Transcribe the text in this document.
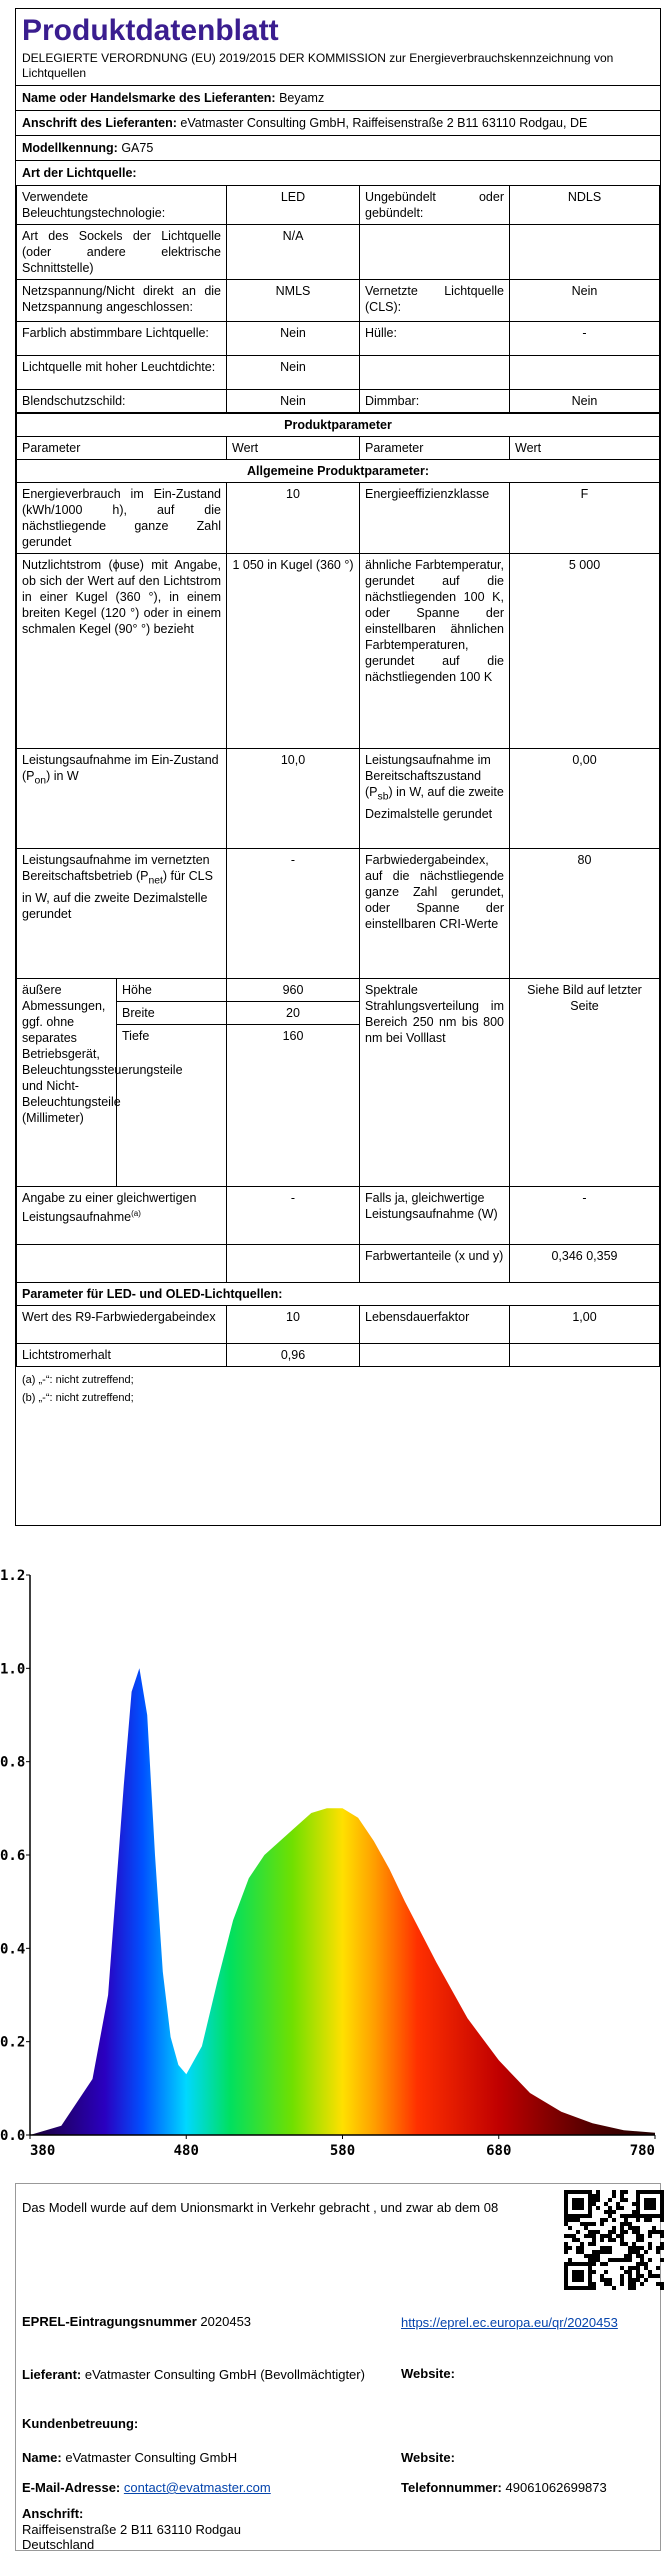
Produktdatenblatt
DELEGIERTE VERORDNUNG (EU) 2019/2015 DER KOMMISSION zur Energieverbrauchskennzeichnung von Lichtquellen
Name oder Handelsmarke des Lieferanten: Beyamz
Anschrift des Lieferanten: eVatmaster Consulting GmbH, Raiffeisenstraße 2 B11 63110 Rodgau, DE
Modellkennung: GA75
Art der Lichtquelle:
Verwendete Beleuchtungstechnologie:	LED	Ungebündelt oder gebündelt:	NDLS
Art des Sockels der Lichtquelle (oder andere elektrische Schnittstelle)	N/A		
Netzspannung/Nicht direkt an die Netzspannung angeschlossen:	NMLS	Vernetzte Lichtquelle (CLS):	Nein
Farblich abstimmbare Lichtquelle:	Nein	Hülle:	-
Lichtquelle mit hoher Leuchtdichte:	Nein		
Blendschutzschild:	Nein	Dimmbar:	Nein
Produktparameter				
Parameter		Wert	Parameter	Wert
Allgemeine Produktparameter:				
Energieverbrauch im Ein-Zustand (kWh/1000 h), auf die nächstliegende ganze Zahl gerundet		10	Energieeffizienzklasse	F
Nutzlichtstrom (ϕuse) mit Angabe, ob sich der Wert auf den Lichtstrom in einer Kugel (360 °), in einem breiten Kegel (120 °) oder in einem schmalen Kegel (90° °) bezieht		1 050 in Kugel (360 °)	ähnliche Farbtemperatur, gerundet auf die nächstliegenden 100 K, oder Spanne der einstellbaren ähnlichen Farbtemperaturen, gerundet auf die nächstliegenden 100 K	5 000
Leistungsaufnahme im Ein-Zustand $(P_{on})$ in W		10,0	Leistungsaufnahme im Bereitschaftszustand $(P_{sb})$ in W, auf die zweite Dezimalstelle gerundet	0,00
Leistungsaufnahme im vernetzten Bereitschaftsbetrieb $(P_{net})$ für CLS in W, auf die zweite Dezimalstelle gerundet		-	Farbwiedergabeindex, auf die nächstliegende ganze Zahl gerundet, oder Spanne der einstellbaren CRI-Werte	80
äußere Abmessungen, ggf. ohne separates Betriebsgerät, Beleuchtungssteuerungsteile und Nicht-Beleuchtungsteile (Millimeter)	Höhe	960	Spektrale Strahlungsverteilung im Bereich 250 nm bis 800 nm bei Volllast	Siehe Bild auf letzter Seite
	Breite	20		
	Tiefe	160		
Angabe zu einer gleichwertigen Leistungsaufnahme$^{(a)}$		-	Falls ja, gleichwertige Leistungsaufnahme (W)	-
			Farbwertanteile (x und y)	0,346 0,359
Parameter für LED- und OLED-Lichtquellen:				
Wert des R9-Farbwiedergabeindex		10	Lebensdauerfaktor	1,00
Lichtstromerhalt		0,96		
(a) „-“: nicht zutreffend;
(b) „-“: nicht zutreffend;
0.0
0.2
0.4
0.6
0.8
1.0
1.2
380	480	580	680	780
Das Modell wurde auf dem Unionsmarkt in Verkehr gebracht , und zwar ab dem 08
EPREL-Eintragungsnummer 2020453	https://eprel.ec.europa.eu/qr/2020453
Lieferant: eVatmaster Consulting GmbH (Bevollmächtigter)	Website:
Kundenbetreuung:
Name: eVatmaster Consulting GmbH	Website:
E-Mail-Adresse: contact@evatmaster.com	Telefonnummer: 49061062699873
Anschrift:
Raiffeisenstraße 2 B11 63110 Rodgau Deutschland
